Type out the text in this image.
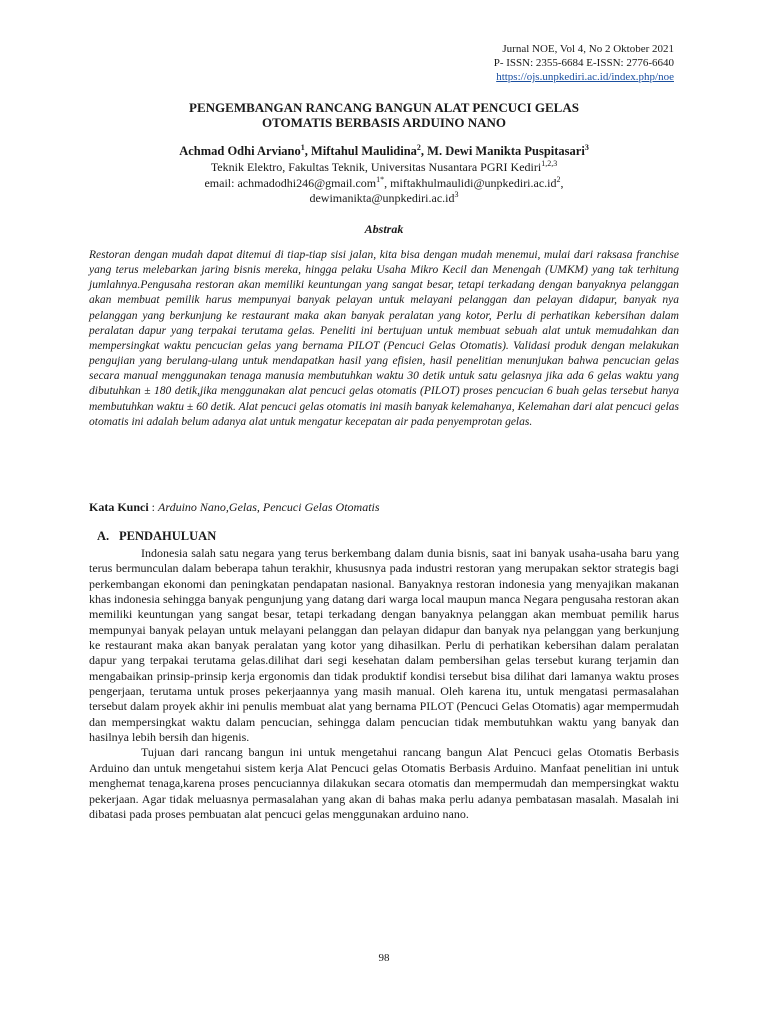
Jurnal NOE, Vol 4, No 2 Oktober 2021
P- ISSN: 2355-6684 E-ISSN: 2776-6640
https://ojs.unpkediri.ac.id/index.php/noe
PENGEMBANGAN RANCANG BANGUN ALAT PENCUCI GELAS
OTOMATIS BERBASIS ARDUINO NANO
Achmad Odhi Arviano$^1$, Miftahul Maulidina$^2$, M. Dewi Manikta Puspitasari$^3$
Teknik Elektro, Fakultas Teknik, Universitas Nusantara PGRI Kediri$^{1,2,3}$
email: achmadodhi246@gmail.com$^{1*}$, $miftakhulmaulidi@unpkediri.ac.id^2$,
$dewimanikta@unpkediri.ac.id^3$
Abstrak

Restoran dengan mudah dapat ditemui di tiap-tiap sisi jalan, kita bisa dengan mudah menemui, mulai dari raksasa franchise yang terus melebarkan jaring bisnis mereka, hingga pelaku Usaha Mikro Kecil dan Menengah (UMKM) yang tak terhitung jumlahnya.Pengusaha restoran akan memiliki keuntungan yang sangat besar, tetapi terkadang dengan banyaknya pelanggan akan membuat pemilik harus mempunyai banyak pelayan untuk melayani pelanggan dan pelayan didapur, banyak nya pelanggan yang berkunjung ke restaurant maka akan banyak peralatan yang kotor, Perlu di perhatikan kebersihan dalam peralatan dapur yang terpakai terutama gelas. Peneliti ini bertujuan untuk membuat sebuah alat untuk memudahkan dan mempersingkat waktu pencucian gelas yang bernama PILOT (Pencuci Gelas Otomatis). Validasi produk dengan melakukan pengujian yang berulang-ulang untuk mendapatkan hasil yang efisien, hasil penelitian menunjukan bahwa pencucian gelas secara manual menggunakan tenaga manusia membutuhkan waktu 30 detik untuk satu gelasnya jika ada 6 gelas waktu yang dibutuhkan ± 180 detik,jika menggunakan alat pencuci gelas otomatis (PILOT) proses pencucian 6 buah gelas tersebut hanya membutuhkan waktu ± 60 detik. Alat pencuci gelas otomatis ini masih banyak kelemahanya, Kelemahan dari alat pencuci gelas otomatis ini adalah belum adanya alat untuk mengatur kecepatan air pada penyemprotan gelas.

Kata Kunci : Arduino Nano,Gelas, Pencuci Gelas Otomatis
A. PENDAHULUAN

Indonesia salah satu negara yang terus berkembang dalam dunia bisnis, saat ini banyak usaha-usaha baru yang terus bermunculan dalam beberapa tahun terakhir, khususnya pada industri restoran yang merupakan sektor strategis bagi perkembangan ekonomi dan peningkatan pendapatan nasional. Banyaknya restoran indonesia yang menyajikan makanan khas indonesia sehingga banyak pengunjung yang datang dari warga local maupun manca Negara pengusaha restoran akan memiliki keuntungan yang sangat besar, tetapi terkadang dengan banyaknya pelanggan akan membuat pemilik harus mempunyai banyak pelayan untuk melayani pelanggan dan pelayan didapur dan banyak nya pelanggan yang berkunjung ke restaurant maka akan banyak peralatan yang kotor yang dihasilkan. Perlu di perhatikan kebersihan dalam peralatan dapur yang terpakai terutama gelas.dilihat dari segi kesehatan dalam pembersihan gelas tersebut kurang terjamin dan mengabaikan prinsip-prinsip kerja ergonomis dan tidak produktif kondisi tersebut bisa dilihat dari lamanya waktu proses pengerjaan, terutama untuk proses pekerjaannya yang masih manual. Oleh karena itu, untuk mengatasi permasalahan tersebut dalam proyek akhir ini penulis membuat alat yang bernama PILOT (Pencuci Gelas Otomatis) agar mempermudah dan mempersingkat waktu dalam pencucian, sehingga dalam pencucian tidak membutuhkan waktu yang banyak dan hasilnya lebih bersih dan higenis.

Tujuan dari rancang bangun ini untuk mengetahui rancang bangun Alat Pencuci gelas Otomatis Berbasis Arduino dan untuk mengetahui sistem kerja Alat Pencuci gelas Otomatis Berbasis Arduino. Manfaat penelitian ini untuk menghemat tenaga,karena proses pencuciannya dilakukan secara otomatis dan mempermudah dan mempersingkat waktu pekerjaan. Agar tidak meluasnya permasalahan yang akan di bahas maka perlu adanya pembatasan masalah. Masalah ini dibatasi pada proses pembuatan alat pencuci gelas menggunakan arduino nano.

98
